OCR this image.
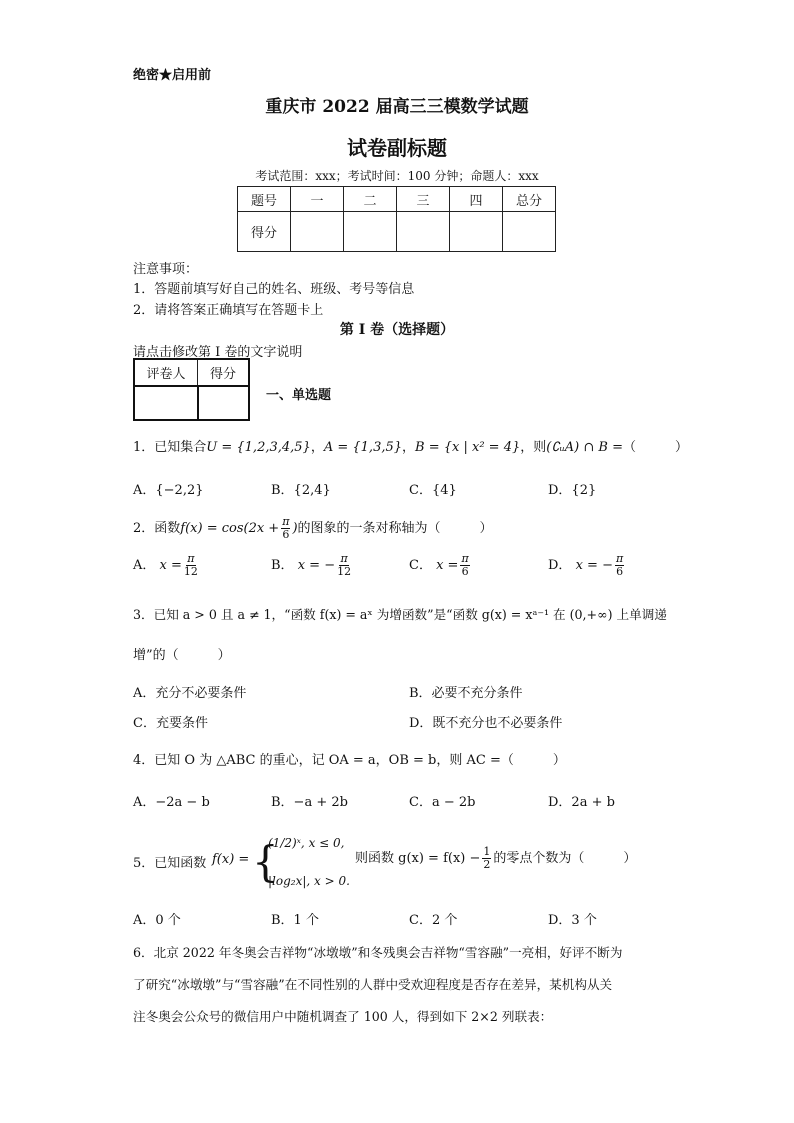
绝密★启用前
重庆市 2022 届高三三模数学试题
试卷副标题
考试范围：xxx；考试时间：100 分钟；命题人：xxx
题号	一	二	三	四	总分
得分					
注意事项：
1．答题前填写好自己的姓名、班级、考号等信息
2．请将答案正确填写在答题卡上
第 I 卷（选择题）
请点击修改第 I 卷的文字说明
评卷人	得分

一、单选题
1．已知集合U = {1,2,3,4,5}，A = {1,3,5}，B = {x | x² = 4}，则(∁ᵤA) ∩ B =（　　　）
A．{−2,2}	B．{2,4}	C．{4}	D．{2}
2．函数$f(x) = \cos(2x + \frac{\pi}{6}$ )的图象的一条对称轴为（　　　）
A． $x = \frac{\pi}{12}$	B． x = − $\frac{\pi}{12}$	C． $x = \frac{\pi}{6}$	D． x = − $\frac{\pi}{6}$
3．已知 a > 0 且 a ≠ 1，“函数 f(x) = aˣ 为增函数”是“函数 g(x) = xᵃ⁻¹ 在 (0,+∞) 上单调递
增”的（　　　）
A．充分不必要条件	B．必要不充分条件
C．充要条件	D．既不充分也不必要条件
4．已知 O 为 △ABC 的重心，记 OA = a，OB = b，则 AC =（　　　）
A．−2a − b	B．−a + 2b	C．a − 2b	D．2a + b
5．已知函数 f(x) = {
(1/2)ˣ, x ≤ 0,
|log₂x|, x > 0.
则函数 $g(x) = f(x) - \frac{1}{2}$ 的零点个数为（　　　）
A．0 个	B．1 个	C．2 个	D．3 个
6．北京 2022 年冬奥会吉祥物“冰墩墩”和冬残奥会吉祥物“雪容融”一亮相，好评不断为
了研究“冰墩墩”与“雪容融”在不同性别的人群中受欢迎程度是否存在差异，某机构从关
注冬奥会公众号的微信用户中随机调查了 100 人，得到如下 2×2 列联表：
